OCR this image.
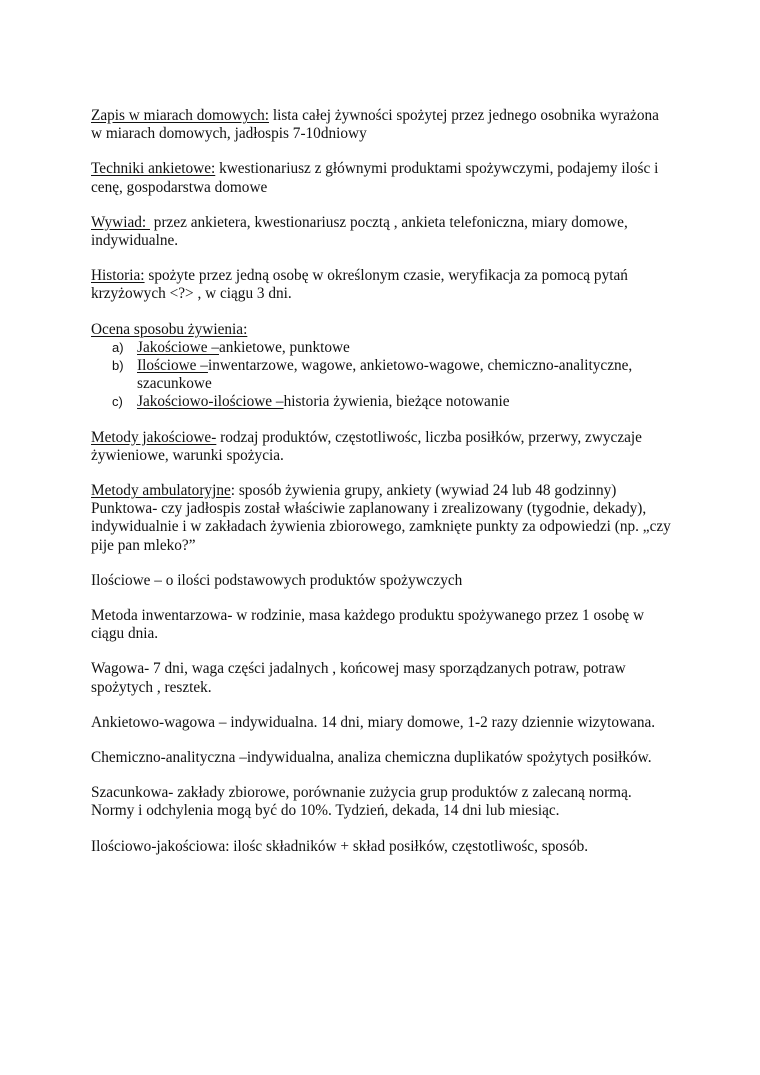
Zapis w miarach domowych: lista całej żywności spożytej przez jednego osobnika wyrażona w miarach domowych, jadłospis 7-10dniowy

Techniki ankietowe: kwestionariusz z głównymi produktami spożywczymi, podajemy ilośc i cenę, gospodarstwa domowe

Wywiad:  przez ankietera, kwestionariusz pocztą , ankieta telefoniczna, miary domowe, indywidualne.

Historia: spożyte przez jedną osobę w określonym czasie, weryfikacja za pomocą pytań krzyżowych <?> , w ciągu 3 dni.

Ocena sposobu żywienia:

a) Jakościowe –ankietowe, punktowe
b) Ilościowe –inwentarzowe, wagowe, ankietowo-wagowe, chemiczno-analityczne, szacunkowe
c) Jakościowo-ilościowe –historia żywienia, bieżące notowanie

Metody jakościowe- rodzaj produktów, częstotliwośc, liczba posiłków, przerwy, zwyczaje żywieniowe, warunki spożycia.

Metody ambulatoryjne: sposób żywienia grupy, ankiety (wywiad 24 lub 48 godzinny)
Punktowa- czy jadłospis został właściwie zaplanowany i zrealizowany (tygodnie, dekady), indywidualnie i w zakładach żywienia zbiorowego, zamknięte punkty za odpowiedzi (np. „czy pije pan mleko?”

Ilościowe – o ilości podstawowych produktów spożywczych

Metoda inwentarzowa- w rodzinie, masa każdego produktu spożywanego przez 1 osobę w ciągu dnia.

Wagowa- 7 dni, waga części jadalnych , końcowej masy sporządzanych potraw, potraw spożytych , resztek.

Ankietowo-wagowa – indywidualna. 14 dni, miary domowe, 1-2 razy dziennie wizytowana.

Chemiczno-analityczna –indywidualna, analiza chemiczna duplikatów spożytych posiłków.

Szacunkowa- zakłady zbiorowe, porównanie zużycia grup produktów z zalecaną normą. Normy i odchylenia mogą być do 10%. Tydzień, dekada, 14 dni lub miesiąc.

Ilościowo-jakościowa: ilośc składników + skład posiłków, częstotliwośc, sposób.
